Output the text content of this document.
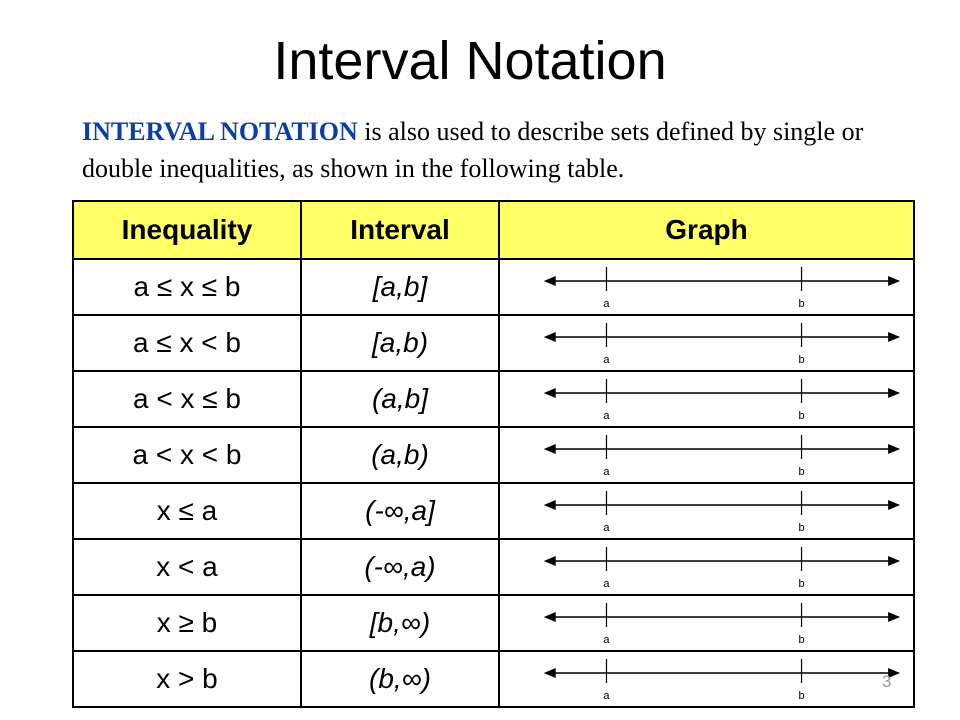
Interval Notation

INTERVAL NOTATION is also used to describe sets defined by single or double inequalities, as shown in the following table.

Inequality	Interval	Graph
a ≤ x ≤ b	[a,b]	a b

a ≤ x < b	[a,b)	a b

a < x ≤ b	(a,b]	a b

a < x < b	(a,b)	a b

x ≤ a	(-∞,a]	a b

x < a	(-∞,a)	a b

x ≥ b	[b,∞)	a b

x > b	(b,∞)	a b
3
